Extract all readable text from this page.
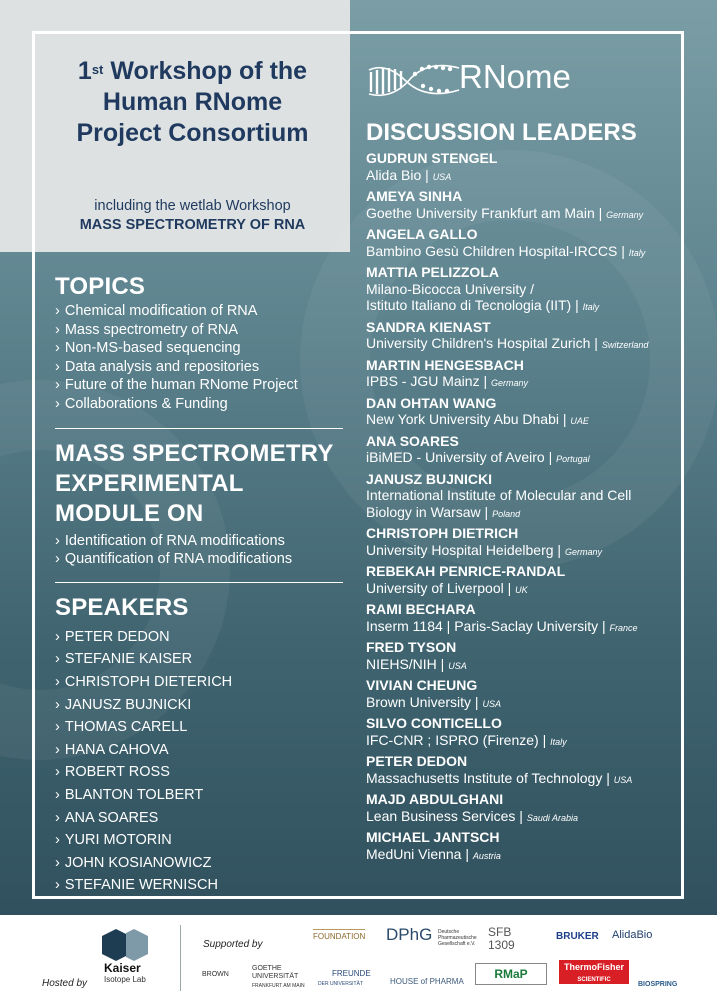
1st Workshop of the
Human RNome
Project Consortium
including the wetlab Workshop
MASS SPECTROMETRY OF RNA
RNome
TOPICS
› Chemical modification of RNA
› Mass spectrometry of RNA
› Non-MS-based sequencing
› Data analysis and repositories
› Future of the human RNome Project
› Collaborations & Funding
MASS SPECTROMETRY
EXPERIMENTAL
MODULE ON
› Identification of RNA modifications
› Quantification of RNA modifications
SPEAKERS
› PETER DEDON
› STEFANIE KAISER
› CHRISTOPH DIETERICH
› JANUSZ BUJNICKI
› THOMAS CARELL
› HANA CAHOVA
› ROBERT ROSS
› BLANTON TOLBERT
› ANA SOARES
› YURI MOTORIN
› JOHN KOSIANOWICZ
› STEFANIE WERNISCH
DISCUSSION LEADERS
GUDRUN STENGEL
Alida Bio | USA
AMEYA SINHA
Goethe University Frankfurt am Main | Germany
ANGELA GALLO
Bambino Gesù Children Hospital-IRCCS | Italy
MATTIA PELIZZOLA
Milano-Bicocca University /
Istituto Italiano di Tecnologia (IIT) | Italy
SANDRA KIENAST
University Children's Hospital Zurich | Switzerland
MARTIN HENGESBACH
IPBS - JGU Mainz | Germany
DAN OHTAN WANG
New York University Abu Dhabi | UAE
ANA SOARES
iBiMED - University of Aveiro | Portugal
JANUSZ BUJNICKI
International Institute of Molecular and Cell
Biology in Warsaw | Poland
CHRISTOPH DIETRICH
University Hospital Heidelberg | Germany
REBEKAH PENRICE-RANDAL
University of Liverpool | UK
RAMI BECHARA
Inserm 1184 | Paris-Saclay University | France
FRED TYSON
NIEHS/NIH | USA
VIVIAN CHEUNG
Brown University | USA
SILVO CONTICELLO
IFC-CNR ; ISPRO (Firenze) | Italy
PETER DEDON
Massachusetts Institute of Technology | USA
MAJD ABDULGHANI
Lean Business Services | Saudi Arabia
MICHAEL JANTSCH
MedUni Vienna | Austria
Hosted by
Kaiser
Isotope Lab
Supported by
FOUNDATION DPhG Deutsche Pharmazeutische Gesellschaft e.V.
SFB 1309
BRUKER AlidaBio
BROWN
GOETHE UNIVERSITÄT
FRANKFURT AM MAIN
FREUNDE
DER UNIVERSITÄT	HOUSE of PHARMA
RMaP	ThermoFisher
$^{SCIENTIFIC}$
BIOSPRING
